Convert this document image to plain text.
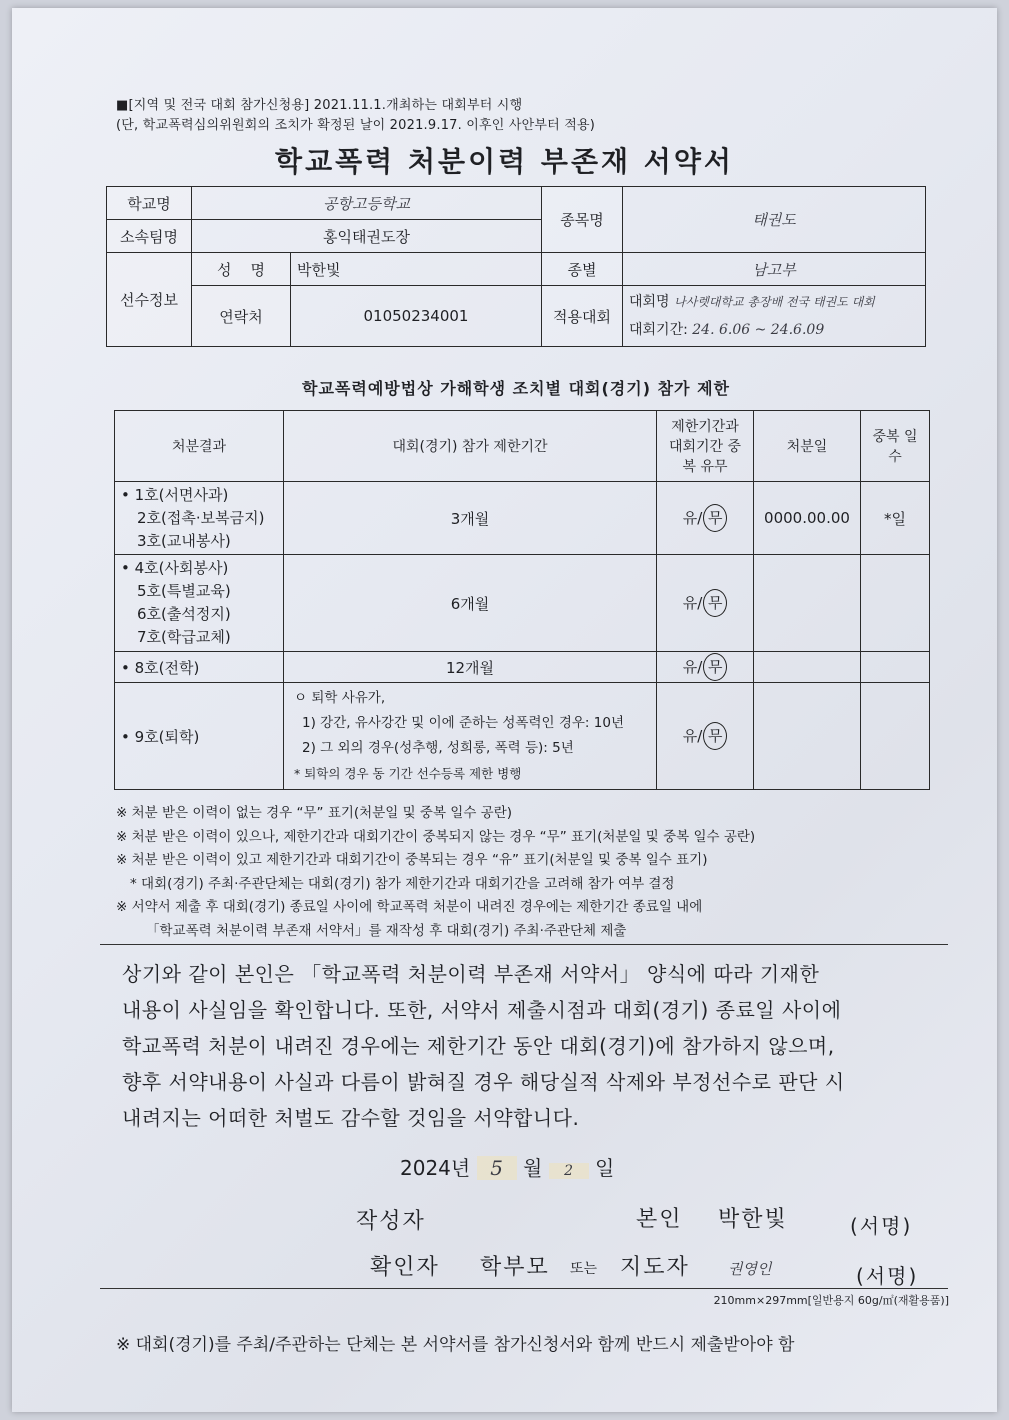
■[지역 및 전국 대회 참가신청용] 2021.11.1.개최하는 대회부터 시행
(단, 학교폭력심의위원회의 조치가 확정된 날이 2021.9.17. 이후인 사안부터 적용)
학교폭력 처분이력 부존재 서약서
학교명	공항고등학교		종목명	태권도
소속팀명	홍익태권도장			
선수정보	성    명	박한빛	종별	남고부
	연락처	01050234001	적용대회	대회명 나사렛대학교 총장배 전국 태권도 대회
대회기간: 24. 6.06 ~ 24.6.09
학교폭력예방법상 가해학생 조치별 대회(경기) 참가 제한
처분결과	대회(경기) 참가 제한기간	제한기간과 대회기간 중복 유무	처분일	중복 일수

• 1호(서면사과)
2호(접촉·보복금지)
3호(교내봉사)	3개월	유/ 무	0000.00.00	*일

• 4호(사회봉사)
5호(특별교육)
6호(출석정지)
7호(학급교체)	6개월	유/ 무		
• 8호(전학)	12개월	유/ 무		
• 9호(퇴학)	ㅇ 퇴학 사유가,
1) 강간, 유사강간 및 이에 준하는 성폭력인 경우: 10년
2) 그 외의 경우(성추행, 성희롱, 폭력 등): 5년
* 퇴학의 경우 동 기간 선수등록 제한 병행	유/ 무		
※ 처분 받은 이력이 없는 경우 “무” 표기(처분일 및 중복 일수 공란)
※ 처분 받은 이력이 있으나, 제한기간과 대회기간이 중복되지 않는 경우 “무” 표기(처분일 및 중복 일수 공란)
※ 처분 받은 이력이 있고 제한기간과 대회기간이 중복되는 경우 “유” 표기(처분일 및 중복 일수 표기)
* 대회(경기) 주최·주관단체는 대회(경기) 참가 제한기간과 대회기간을 고려해 참가 여부 결정
※ 서약서 제출 후 대회(경기) 종료일 사이에 학교폭력 처분이 내려진 경우에는 제한기간 종료일 내에
「학교폭력 처분이력 부존재 서약서」를 재작성 후 대회(경기) 주최·주관단체 제출
상기와 같이 본인은 「학교폭력 처분이력 부존재 서약서」 양식에 따라 기재한
내용이 사실임을 확인합니다. 또한, 서약서 제출시점과 대회(경기) 종료일 사이에
학교폭력 처분이 내려진 경우에는 제한기간 동안 대회(경기)에 참가하지 않으며,
향후 서약내용이 사실과 다름이 밝혀질 경우 해당실적 삭제와 부정선수로 판단 시
내려지는 어떠한 처벌도 감수할 것임을 서약합니다.
2024년 5 월 2 일
작성자	본인 박한빛	(서명)
확인자 학부모 또는 지도자	권영인	(서명)
210mm×297mm[일반용지 60g/㎡(재활용품)]
※ 대회(경기)를 주최/주관하는 단체는 본 서약서를 참가신청서와 함께 반드시 제출받아야 함
